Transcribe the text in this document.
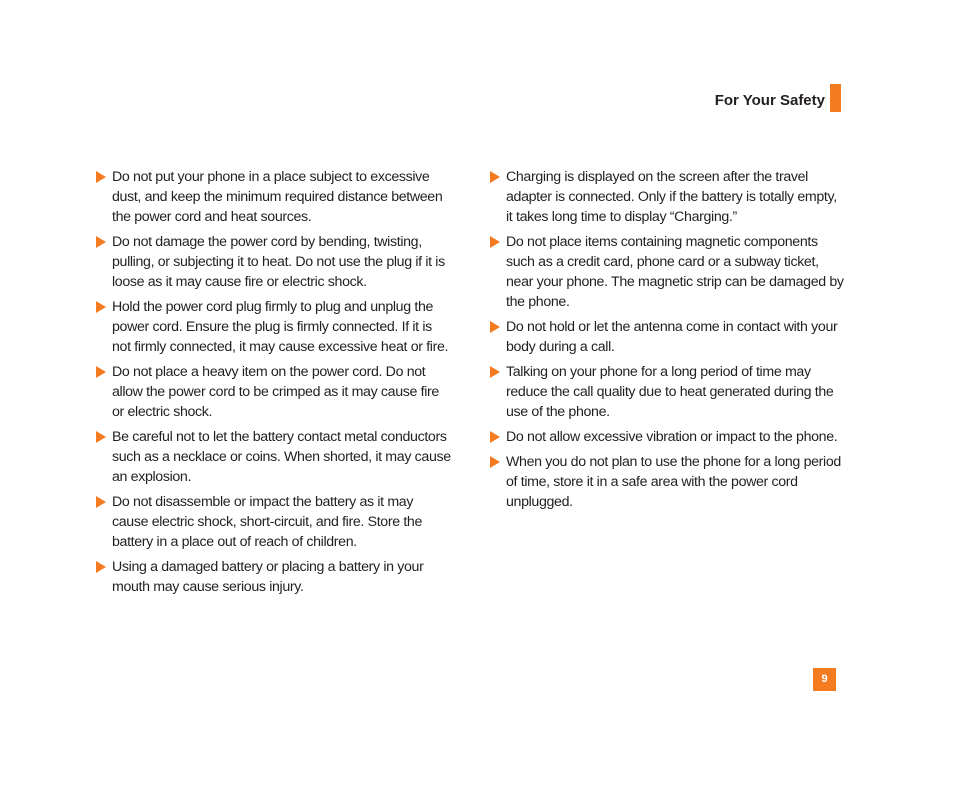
For Your Safety
Do not put your phone in a place subject to excessive dust, and keep the minimum required distance between the power cord and heat sources.
Do not damage the power cord by bending, twisting, pulling, or subjecting it to heat. Do not use the plug if it is loose as it may cause fire or electric shock.
Hold the power cord plug firmly to plug and unplug the power cord. Ensure the plug is firmly connected. If it is not firmly connected, it may cause excessive heat or fire.
Do not place a heavy item on the power cord. Do not allow the power cord to be crimped as it may cause fire or electric shock.
Be careful not to let the battery contact metal conductors such as a necklace or coins. When shorted, it may cause an explosion.
Do not disassemble or impact the battery as it may cause electric shock, short-circuit, and fire. Store the battery in a place out of reach of children.
Using a damaged battery or placing a battery in your mouth may cause serious injury.
Charging is displayed on the screen after the travel adapter is connected. Only if the battery is totally empty, it takes long time to display “Charging.”
Do not place items containing magnetic components such as a credit card, phone card or a subway ticket, near your phone. The magnetic strip can be damaged by the phone.
Do not hold or let the antenna come in contact with your body during a call.
Talking on your phone for a long period of time may reduce the call quality due to heat generated during the use of the phone.
Do not allow excessive vibration or impact to the phone.
When you do not plan to use the phone for a long period of time, store it in a safe area with the power cord unplugged.
9
